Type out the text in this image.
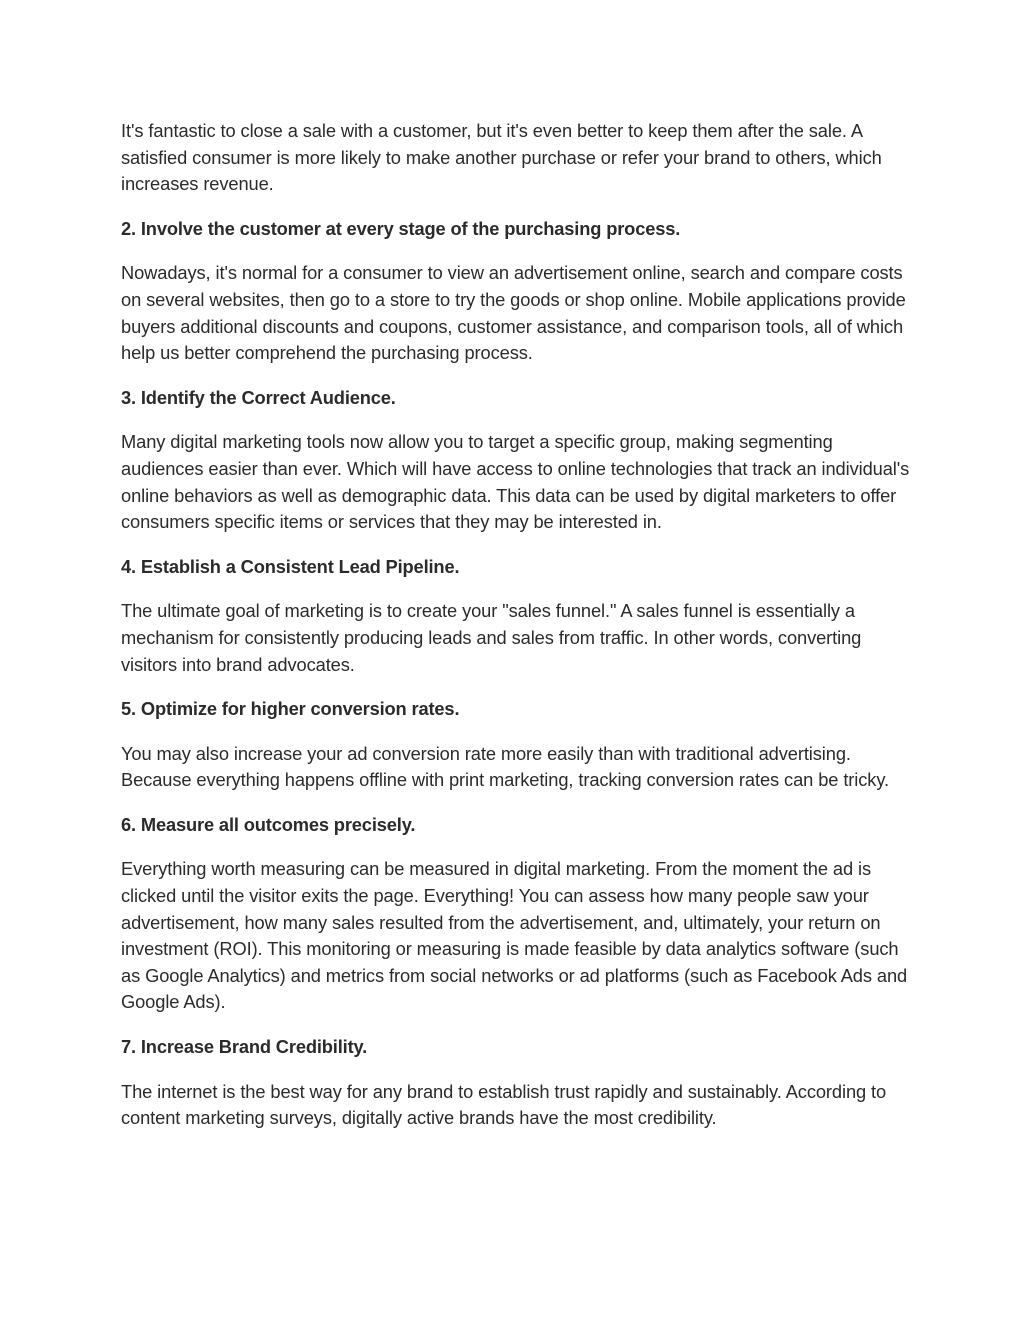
It's fantastic to close a sale with a customer, but it's even better to keep them after the sale. A satisfied consumer is more likely to make another purchase or refer your brand to others, which increases revenue.

2. Involve the customer at every stage of the purchasing process.

Nowadays, it's normal for a consumer to view an advertisement online, search and compare costs on several websites, then go to a store to try the goods or shop online. Mobile applications provide buyers additional discounts and coupons, customer assistance, and comparison tools, all of which help us better comprehend the purchasing process.

3. Identify the Correct Audience.

Many digital marketing tools now allow you to target a specific group, making segmenting audiences easier than ever. Which will have access to online technologies that track an individual's online behaviors as well as demographic data. This data can be used by digital marketers to offer consumers specific items or services that they may be interested in.

4. Establish a Consistent Lead Pipeline.

The ultimate goal of marketing is to create your "sales funnel." A sales funnel is essentially a mechanism for consistently producing leads and sales from traffic. In other words, converting visitors into brand advocates.

5. Optimize for higher conversion rates.

You may also increase your ad conversion rate more easily than with traditional advertising. Because everything happens offline with print marketing, tracking conversion rates can be tricky.

6. Measure all outcomes precisely.

Everything worth measuring can be measured in digital marketing. From the moment the ad is clicked until the visitor exits the page. Everything! You can assess how many people saw your advertisement, how many sales resulted from the advertisement, and, ultimately, your return on investment (ROI). This monitoring or measuring is made feasible by data analytics software (such as Google Analytics) and metrics from social networks or ad platforms (such as Facebook Ads and Google Ads).

7. Increase Brand Credibility.

The internet is the best way for any brand to establish trust rapidly and sustainably. According to content marketing surveys, digitally active brands have the most credibility.
